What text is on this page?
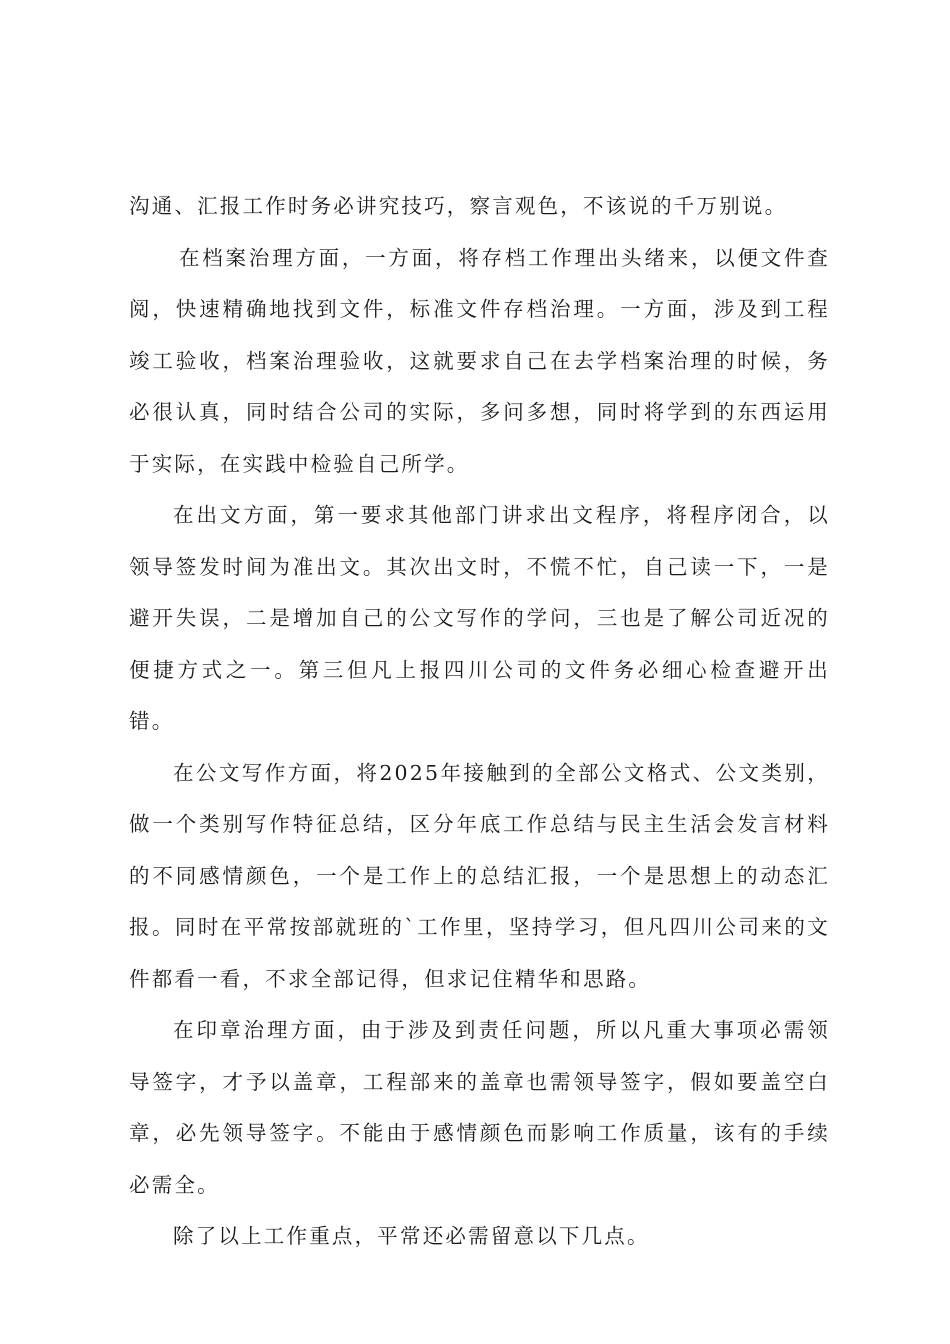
沟通、汇报工作时务必讲究技巧，察言观色，不该说的千万别说。

在档案治理方面，一方面，将存档工作理出头绪来，以便文件查阅，快速精确地找到文件，标准文件存档治理。一方面，涉及到工程竣工验收，档案治理验收，这就要求自己在去学档案治理的时候，务必很认真，同时结合公司的实际，多问多想，同时将学到的东西运用于实际，在实践中检验自己所学。

在出文方面，第一要求其他部门讲求出文程序，将程序闭合，以领导签发时间为准出文。其次出文时，不慌不忙，自己读一下，一是避开失误，二是增加自己的公文写作的学问，三也是了解公司近况的便捷方式之一。第三但凡上报四川公司的文件务必细心检查避开出错。

在公文写作方面，将2025年接触到的全部公文格式、公文类别，做一个类别写作特征总结，区分年底工作总结与民主生活会发言材料的不同感情颜色，一个是工作上的总结汇报，一个是思想上的动态汇报。同时在平常按部就班的`工作里，坚持学习，但凡四川公司来的文件都看一看，不求全部记得，但求记住精华和思路。

在印章治理方面，由于涉及到责任问题，所以凡重大事项必需领导签字，才予以盖章，工程部来的盖章也需领导签字，假如要盖空白章，必先领导签字。不能由于感情颜色而影响工作质量，该有的手续必需全。

除了以上工作重点，平常还必需留意以下几点。
